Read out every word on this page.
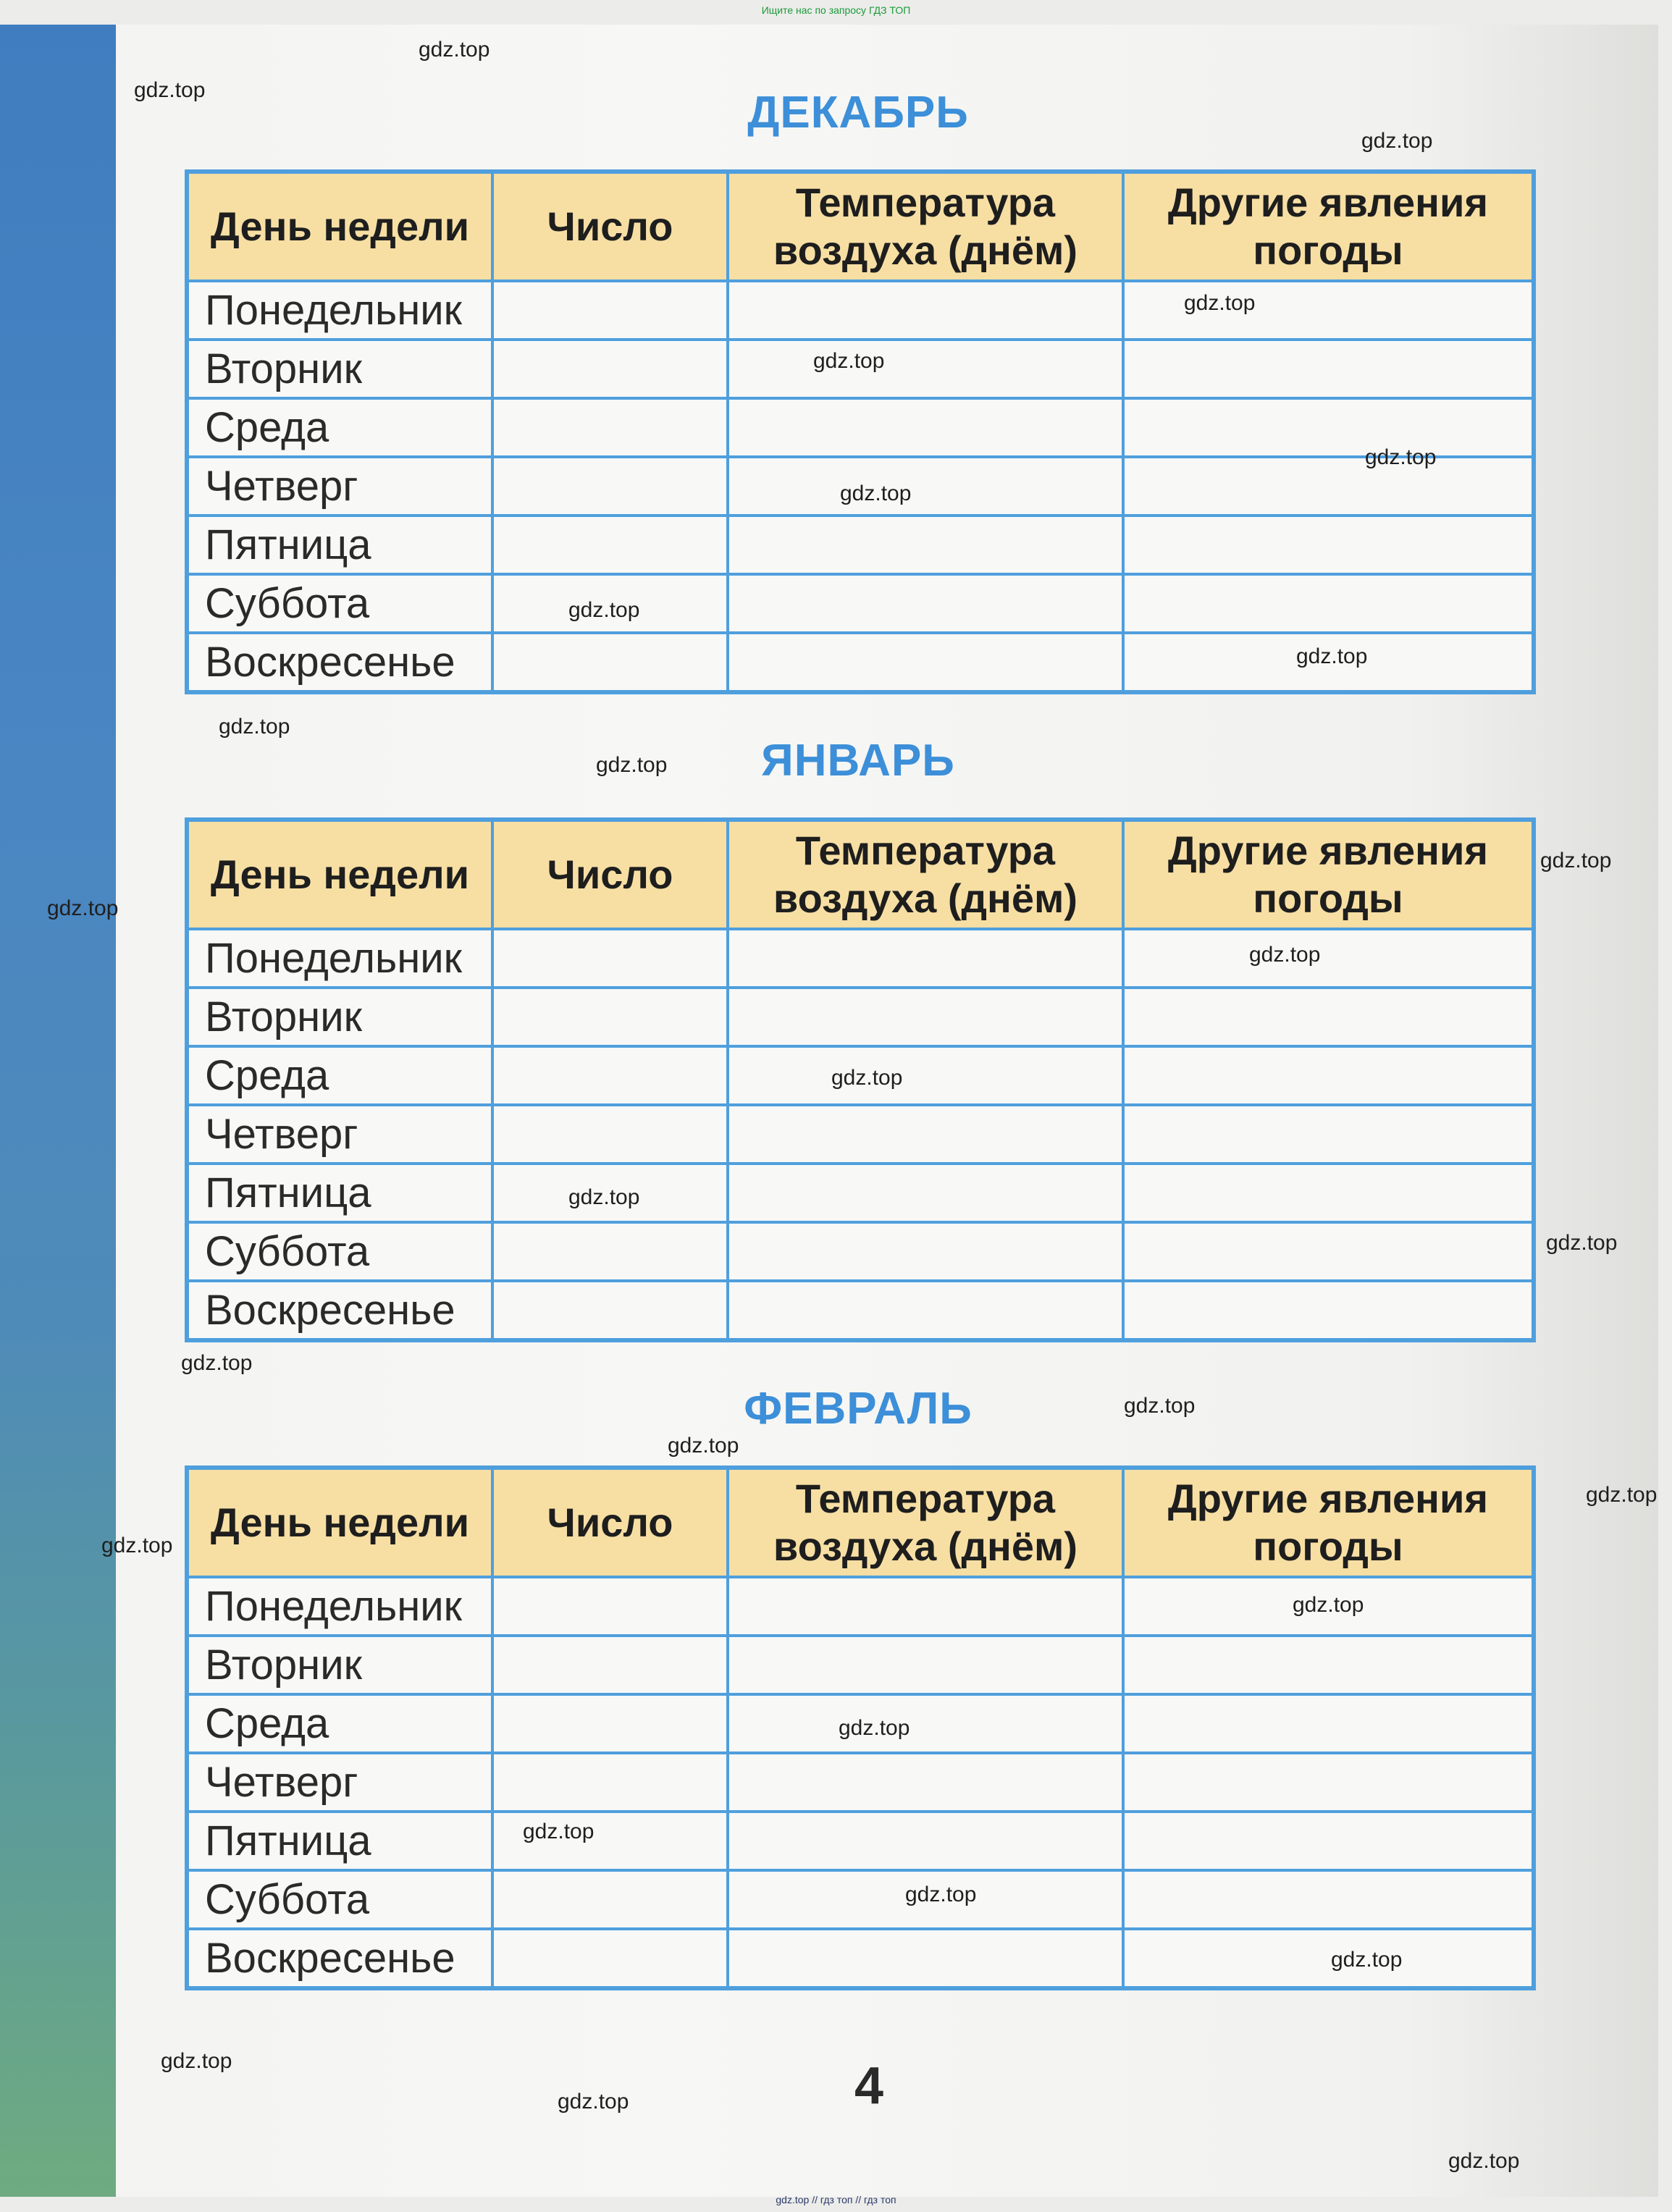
Ищите нас по запросу ГДЗ ТОП
ДЕКАБРЬ
День недели	Число	Температура воздуха (днём)	Другие явления погоды
Понедельник			
Вторник			
Среда			
Четверг			
Пятница			
Суббота			
Воскресенье			
ЯНВАРЬ
День недели	Число	Температура воздуха (днём)	Другие явления погоды
Понедельник			
Вторник			
Среда			
Четверг			
Пятница			
Суббота			
Воскресенье			
ФЕВРАЛЬ
День недели	Число	Температура воздуха (днём)	Другие явления погоды
Понедельник			
Вторник			
Среда			
Четверг			
Пятница			
Суббота			
Воскресенье			
4
gdz.top
gdz.top
gdz.top
gdz.top
gdz.top
gdz.top
gdz.top
gdz.top
gdz.top
gdz.top
gdz.top
gdz.top
gdz.top
gdz.top
gdz.top
gdz.top
gdz.top
gdz.top
gdz.top
gdz.top
gdz.top
gdz.top
gdz.top
gdz.top
gdz.top
gdz.top
gdz.top
gdz.top
gdz.top
gdz.top
gdz.top // гдз топ // гдз топ
